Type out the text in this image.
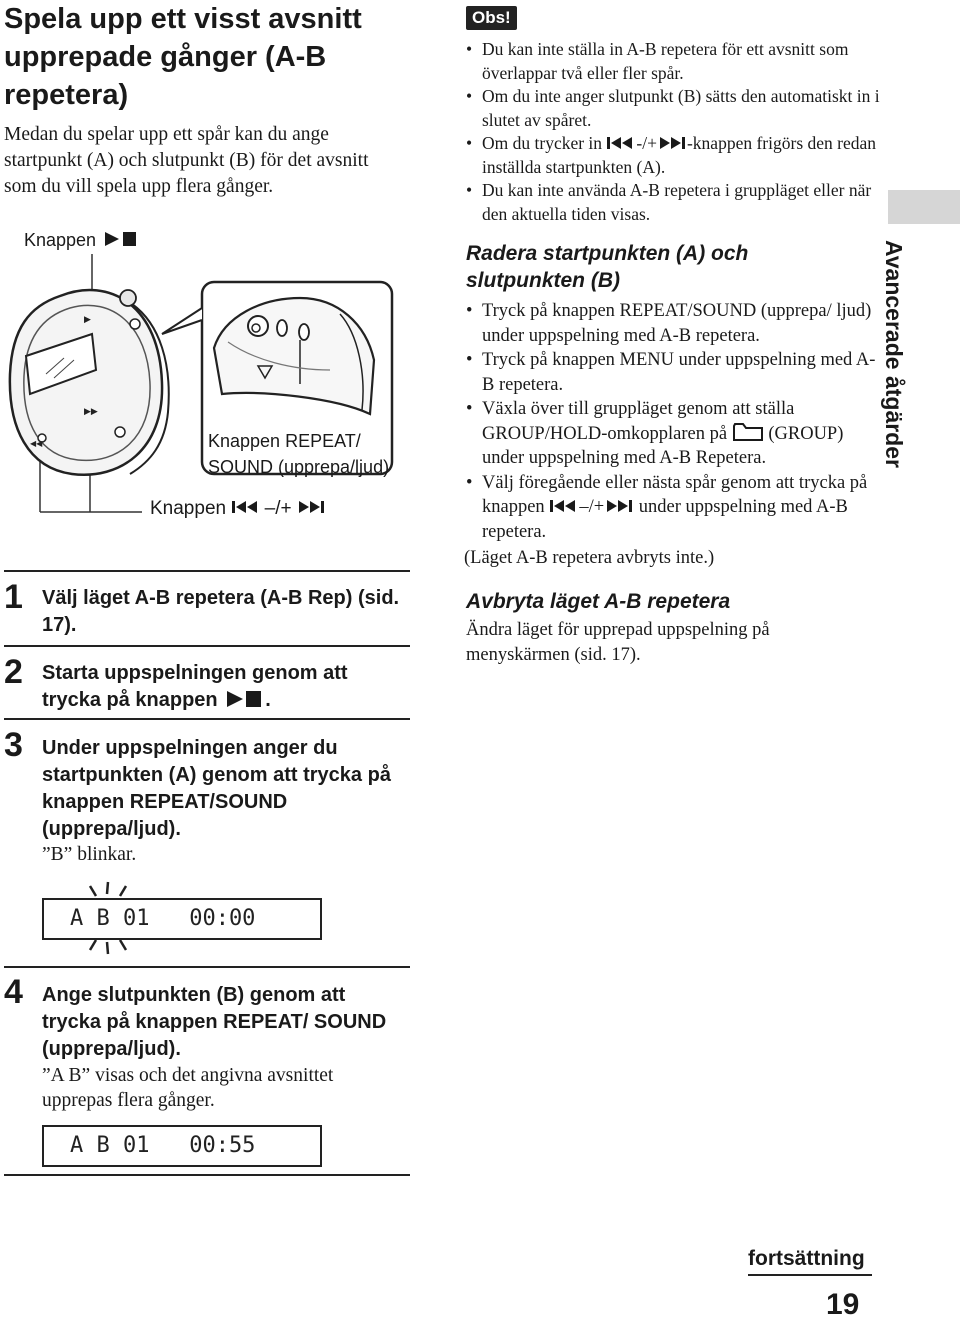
Spela upp ett visst avsnitt upprepade gånger (A-B repetera)
Medan du spelar upp ett spår kan du ange startpunkt (A) och slutpunkt (B) för det avsnitt som du vill spela upp flera gånger.
Knappen
▶
▶▶
◀◀	Knappen REPEAT/
SOUND (upprepa/ljud)
Knappen –/+
1 Välj läget A-B repetera (A-B Rep) (sid. 17).
2 Starta uppspelningen genom att trycka på knappen .
3 Under uppspelningen anger du startpunkten (A) genom att trycka på knappen REPEAT/SOUND (upprepa/ljud).
”B” blinkar.
A B 01   00:00
4 Ange slutpunkten (B) genom att trycka på knappen REPEAT/ SOUND (upprepa/ljud).
”A B” visas och det angivna avsnittet upprepas flera gånger.
A B 01   00:55
Obs!
• Du kan inte ställa in A-B repetera för ett avsnitt som överlappar två eller fler spår.
• Om du inte anger slutpunkt (B) sätts den automatiskt in i slutet av spåret.
• Om du trycker in -/+ -knappen frigörs den redan inställda startpunkten (A).
• Du kan inte använda A-B repetera i gruppläget eller när den aktuella tiden visas.
Radera startpunkten (A) och slutpunkten (B)
• Tryck på knappen REPEAT/SOUND (upprepa/ ljud) under uppspelning med A-B repetera.
• Tryck på knappen MENU under uppspelning med A-B repetera.
• Växla över till gruppläget genom att ställa GROUP/HOLD-omkopplaren på (GROUP) under uppspelning med A-B Repetera.
• Välj föregående eller nästa spår genom att trycka på knappen –/+ under uppspelning med A-B repetera.
(Läget A-B repetera avbryts inte.)
Avbryta läget A-B repetera
Ändra läget för upprepad uppspelning på menyskärmen (sid. 17).
Avancerade åtgärder
fortsättning
19
